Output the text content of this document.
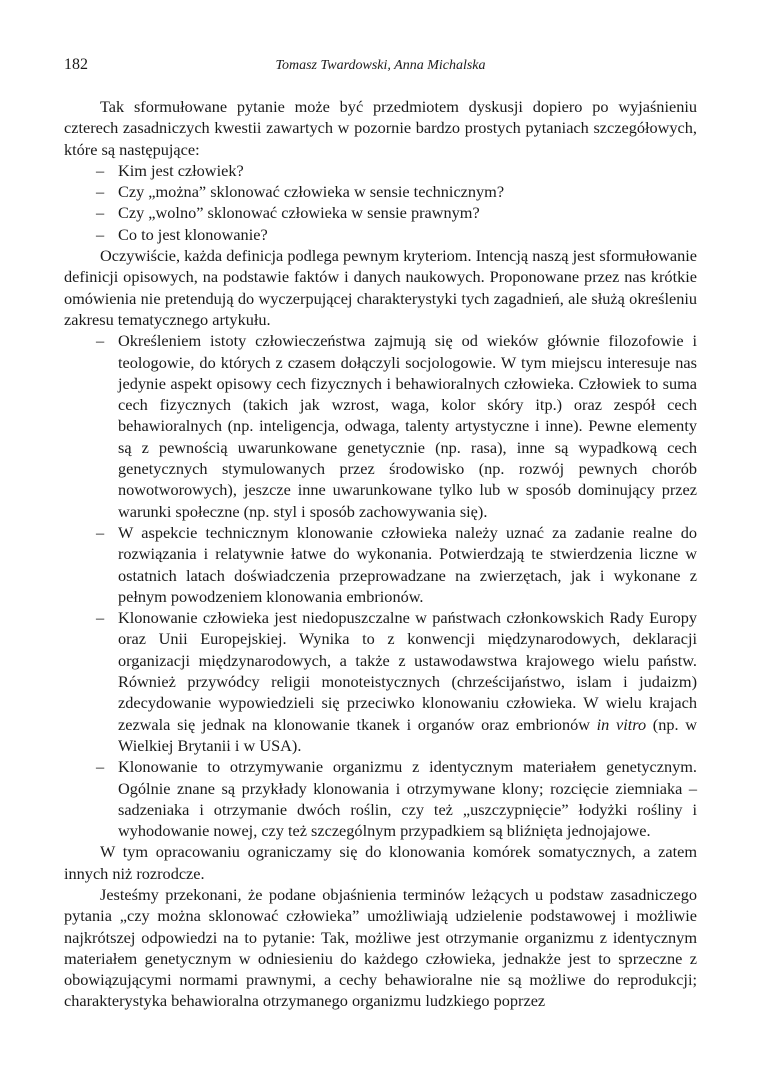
182	Tomasz Twardowski, Anna Michalska

Tak sformułowane pytanie może być przedmiotem dyskusji dopiero po wyjaśnieniu czterech zasadniczych kwestii zawartych w pozornie bardzo prostych pytaniach szczegółowych, które są następujące:

– Kim jest człowiek?
– Czy „można” sklonować człowieka w sensie technicznym?
– Czy „wolno” sklonować człowieka w sensie prawnym?
– Co to jest klonowanie?

Oczywiście, każda definicja podlega pewnym kryteriom. Intencją naszą jest sformułowanie definicji opisowych, na podstawie faktów i danych naukowych. Proponowane przez nas krótkie omówienia nie pretendują do wyczerpującej charakterystyki tych zagadnień, ale służą określeniu zakresu tematycznego artykułu.

– Określeniem istoty człowieczeństwa zajmują się od wieków głównie filozofowie i teologowie, do których z czasem dołączyli socjologowie. W tym miejscu interesuje nas jedynie aspekt opisowy cech fizycznych i behawioralnych człowieka. Człowiek to suma cech fizycznych (takich jak wzrost, waga, kolor skóry itp.) oraz zespół cech behawioralnych (np. inteligencja, odwaga, talenty artystyczne i inne). Pewne elementy są z pewnością uwarunkowane genetycznie (np. rasa), inne są wypadkową cech genetycznych stymulowanych przez środowisko (np. rozwój pewnych chorób nowotworowych), jeszcze inne uwarunkowane tylko lub w sposób dominujący przez warunki społeczne (np. styl i sposób zachowywania się).
– W aspekcie technicznym klonowanie człowieka należy uznać za zadanie realne do rozwiązania i relatywnie łatwe do wykonania. Potwierdzają te stwierdzenia liczne w ostatnich latach doświadczenia przeprowadzane na zwierzętach, jak i wykonane z pełnym powodzeniem klonowania embrionów.
– Klonowanie człowieka jest niedopuszczalne w państwach członkowskich Rady Europy oraz Unii Europejskiej. Wynika to z konwencji międzynarodowych, deklaracji organizacji międzynarodowych, a także z ustawodawstwa krajowego wielu państw. Również przywódcy religii monoteistycznych (chrześcijaństwo, islam i judaizm) zdecydowanie wypowiedzieli się przeciwko klonowaniu człowieka. W wielu krajach zezwala się jednak na klonowanie tkanek i organów oraz embrionów in vitro (np. w Wielkiej Brytanii i w USA).
– Klonowanie to otrzymywanie organizmu z identycznym materiałem genetycznym. Ogólnie znane są przykłady klonowania i otrzymywane klony; rozcięcie ziemniaka – sadzeniaka i otrzymanie dwóch roślin, czy też „uszczypnięcie” łodyżki rośliny i wyhodowanie nowej, czy też szczególnym przypadkiem są bliźnięta jednojajowe.

W tym opracowaniu ograniczamy się do klonowania komórek somatycznych, a zatem innych niż rozrodcze.

Jesteśmy przekonani, że podane objaśnienia terminów leżących u podstaw zasadniczego pytania „czy można sklonować człowieka” umożliwiają udzielenie podstawowej i możliwie najkrótszej odpowiedzi na to pytanie: Tak, możliwe jest otrzymanie organizmu z identycznym materiałem genetycznym w odniesieniu do każdego człowieka, jednakże jest to sprzeczne z obowiązującymi normami prawnymi, a cechy behawioralne nie są możliwe do reprodukcji; charakterystyka behawioralna otrzymanego organizmu ludzkiego poprzez
